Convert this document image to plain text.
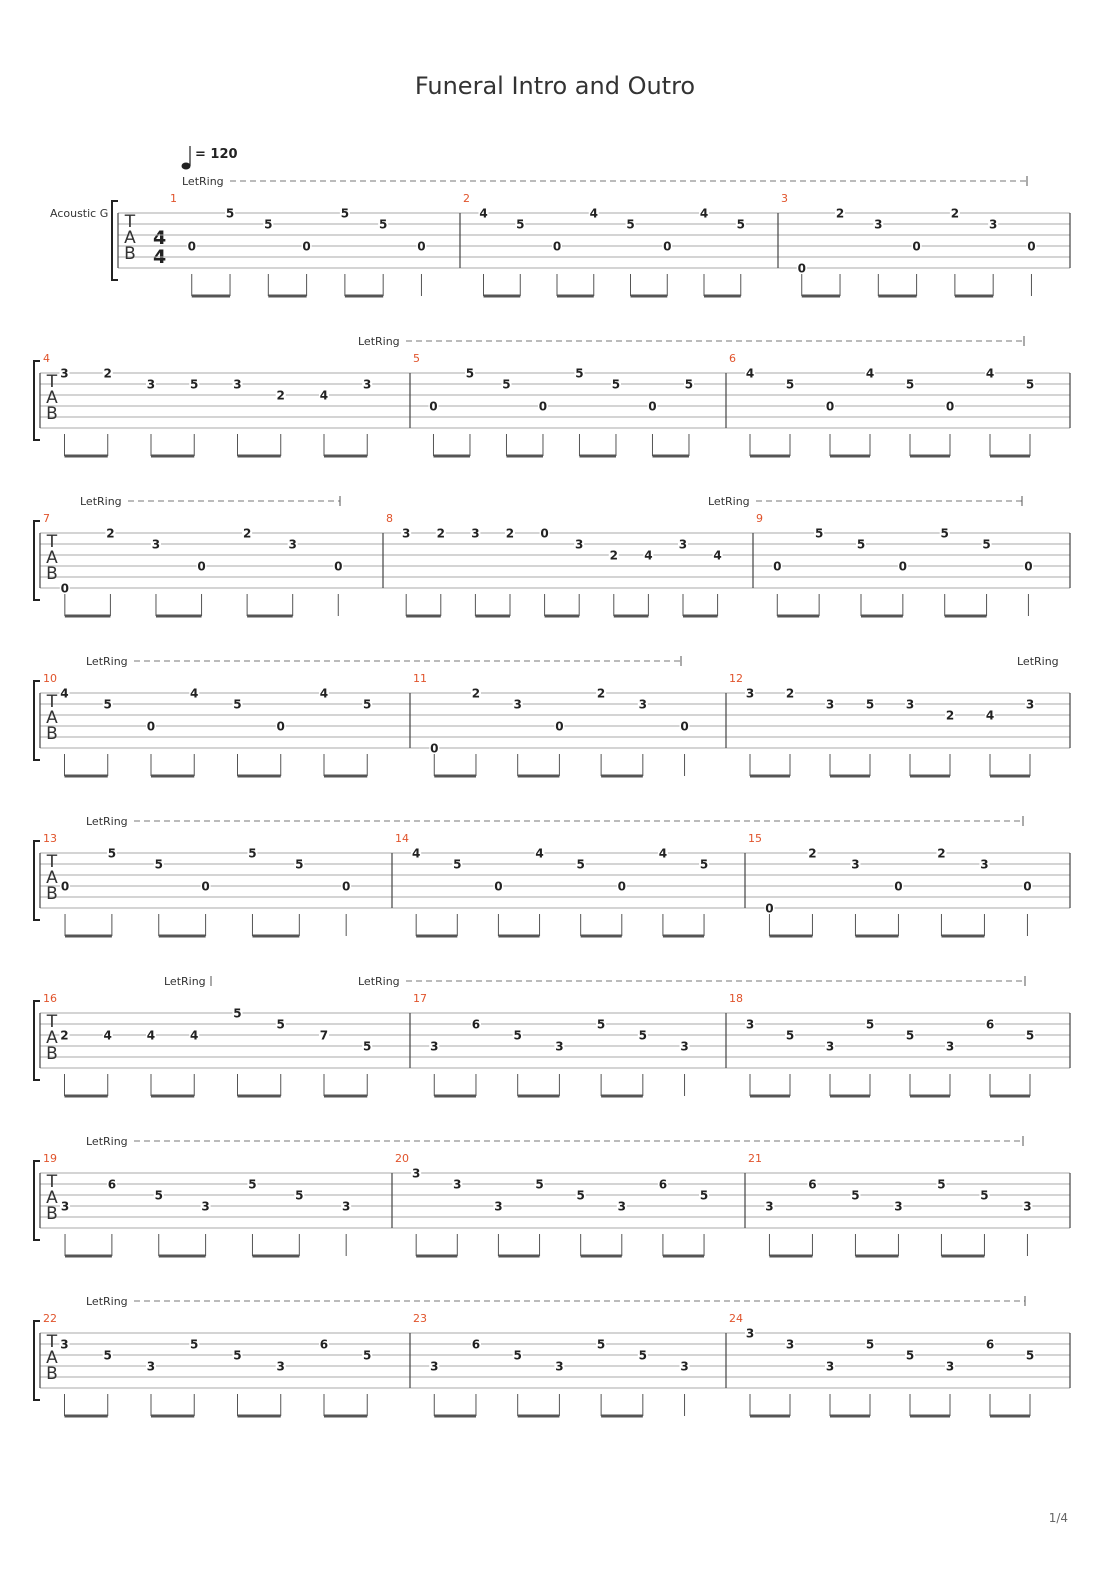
Funeral Intro and Outro
= 120
Acoustic G
4
4
T
A
B
LetRing
1
0
5
5
0
5
5
0
2
4
5
0
4
5
0
4
5
3
0
2
3
0
2
3
0
T
A
B
LetRing
4
3	2
3	5	3
2	4
3
5
0
5
5
0
5
5
0
5
6
4
5
0
4
5
0
4
5
T
A
B
LetRing	LetRing
7
0
2
3
0
2
3
0
8
3 2 3 2 0
3
2 4
3
4
9
0
5
5
0
5
5
0
T
A
B
LetRing	LetRing
10
4
5
0
4
5
0
4
5
11
0
2
3
0
2
3
0
12
3	2
3	5	3
2	4
3
T
A
B
LetRing
13
0
5
5
0
5
5
0
14
4
5
0
4
5
0
4
5
15
0
2
3
0
2
3
0
T
A
B
LetRing
LetRing
16
2	4	4	4
5
5
7
5
17
3
6
5
3
5
5
3
18
3
5
3
5
5
3
6
5
T
A
B
LetRing
19
3
6
5
3
5
5
3
20
3
3
3
5
5
3
6
5
21
3
6
5
3
5
5
3
T
A
B
LetRing
22
3
5
3
5
5
3
6
5
23
3
6
5
3
5
5
3
24
3
3
3
5
5
3
6
5
1/4
